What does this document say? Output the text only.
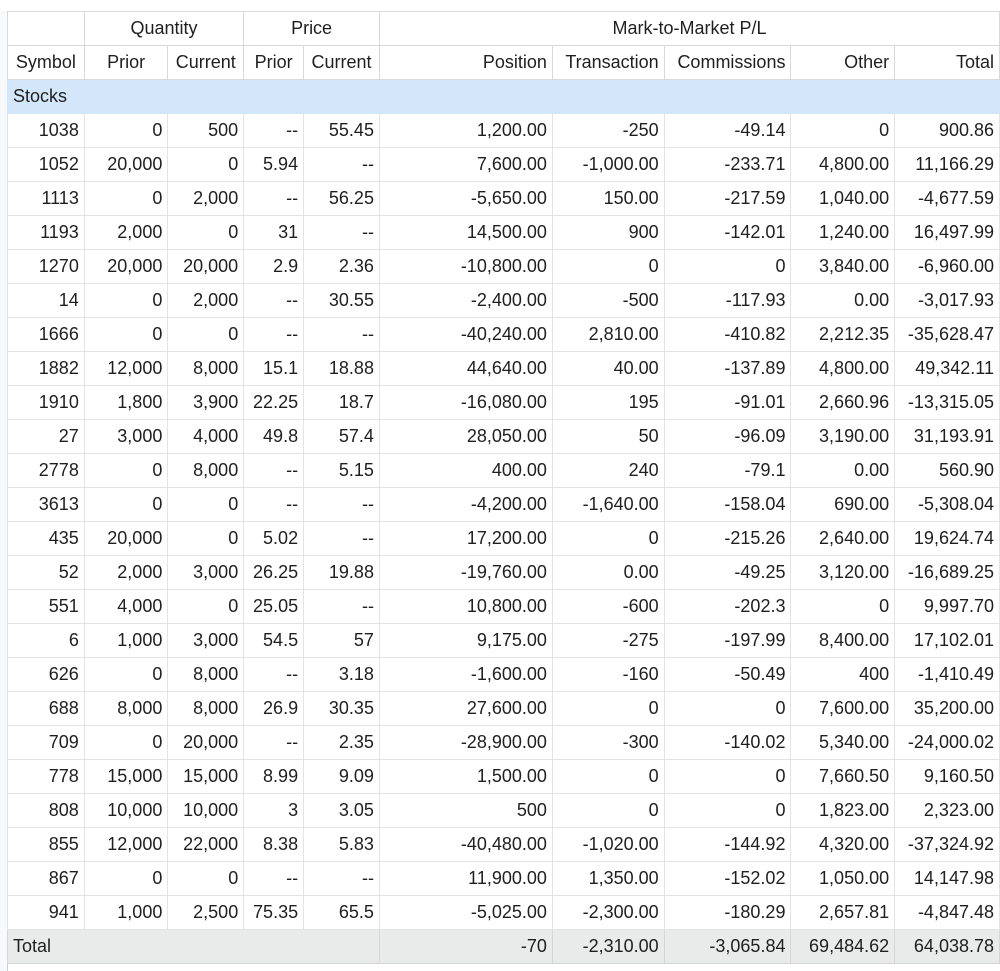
	Quantity		Price		Mark-to-Market P/L				
Symbol	Prior	Current	Prior	Current	Position	Transaction	Commissions	Other	Total
Stocks									
1038	0	500	--	55.45	1,200.00	-250	-49.14	0	900.86
1052	20,000	0	5.94	--	7,600.00	-1,000.00	-233.71	4,800.00	11,166.29
1113	0	2,000	--	56.25	-5,650.00	150.00	-217.59	1,040.00	-4,677.59
1193	2,000	0	31	--	14,500.00	900	-142.01	1,240.00	16,497.99
1270	20,000	20,000	2.9	2.36	-10,800.00	0	0	3,840.00	-6,960.00
14	0	2,000	--	30.55	-2,400.00	-500	-117.93	0.00	-3,017.93
1666	0	0	--	--	-40,240.00	2,810.00	-410.82	2,212.35	-35,628.47
1882	12,000	8,000	15.1	18.88	44,640.00	40.00	-137.89	4,800.00	49,342.11
1910	1,800	3,900	22.25	18.7	-16,080.00	195	-91.01	2,660.96	-13,315.05
27	3,000	4,000	49.8	57.4	28,050.00	50	-96.09	3,190.00	31,193.91
2778	0	8,000	--	5.15	400.00	240	-79.1	0.00	560.90
3613	0	0	--	--	-4,200.00	-1,640.00	-158.04	690.00	-5,308.04
435	20,000	0	5.02	--	17,200.00	0	-215.26	2,640.00	19,624.74
52	2,000	3,000	26.25	19.88	-19,760.00	0.00	-49.25	3,120.00	-16,689.25
551	4,000	0	25.05	--	10,800.00	-600	-202.3	0	9,997.70
6	1,000	3,000	54.5	57	9,175.00	-275	-197.99	8,400.00	17,102.01
626	0	8,000	--	3.18	-1,600.00	-160	-50.49	400	-1,410.49
688	8,000	8,000	26.9	30.35	27,600.00	0	0	7,600.00	35,200.00
709	0	20,000	--	2.35	-28,900.00	-300	-140.02	5,340.00	-24,000.02
778	15,000	15,000	8.99	9.09	1,500.00	0	0	7,660.50	9,160.50
808	10,000	10,000	3	3.05	500	0	0	1,823.00	2,323.00
855	12,000	22,000	8.38	5.83	-40,480.00	-1,020.00	-144.92	4,320.00	-37,324.92
867	0	0	--	--	11,900.00	1,350.00	-152.02	1,050.00	14,147.98
941	1,000	2,500	75.35	65.5	-5,025.00	-2,300.00	-180.29	2,657.81	-4,847.48
Total					-70	-2,310.00	-3,065.84	69,484.62	64,038.78
